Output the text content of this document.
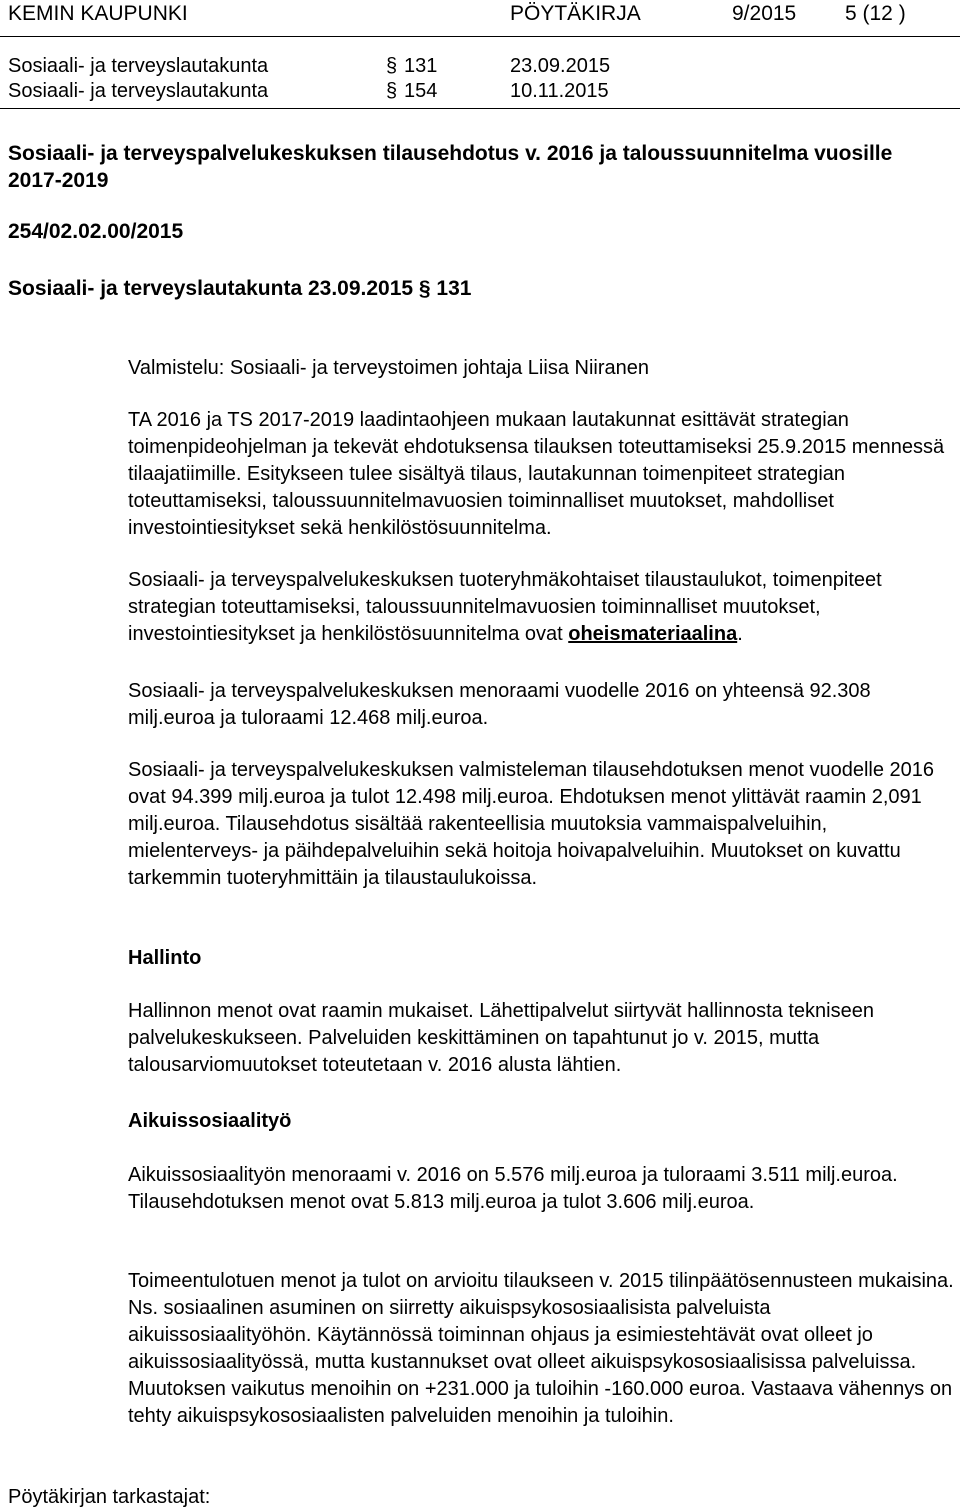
KEMIN KAUPUNKI	PÖYTÄKIRJA	9/2015 5 (12 )
Sosiaali- ja terveyslautakunta	§ 131	23.09.2015
Sosiaali- ja terveyslautakunta	§ 154	10.11.2015
Sosiaali- ja terveyspalvelukeskuksen tilausehdotus v. 2016 ja taloussuunnitelma vuosille 2017-2019
254/02.02.00/2015
Sosiaali- ja terveyslautakunta 23.09.2015 § 131

Valmistelu: Sosiaali- ja terveystoimen johtaja Liisa Niiranen

TA 2016 ja TS 2017-2019 laadintaohjeen mukaan lautakunnat esittävät strategian toimenpideohjelman ja tekevät ehdotuksensa tilauksen toteuttamiseksi 25.9.2015 mennessä tilaajatiimille. Esitykseen tulee sisältyä tilaus, lautakunnan toimenpiteet strategian toteuttamiseksi, taloussuunnitelmavuosien toiminnalliset muutokset, mahdolliset investointiesitykset sekä henkilöstösuunnitelma.

Sosiaali- ja terveyspalvelukeskuksen tuoteryhmäkohtaiset tilaustaulukot, toimenpiteet strategian toteuttamiseksi, taloussuunnitelmavuosien toiminnalliset muutokset, investointiesitykset ja henkilöstösuunnitelma ovat oheismateriaalina.

Sosiaali- ja terveyspalvelukeskuksen menoraami vuodelle 2016 on yhteensä 92.308 milj.euroa ja tuloraami 12.468 milj.euroa.

Sosiaali- ja terveyspalvelukeskuksen valmisteleman tilausehdotuksen menot vuodelle 2016 ovat 94.399 milj.euroa ja tulot 12.498 milj.euroa. Ehdotuksen menot ylittävät raamin 2,091 milj.euroa. Tilausehdotus sisältää rakenteellisia muutoksia vammaispalveluihin, mielenterveys- ja päihdepalveluihin sekä hoitoja hoivapalveluihin. Muutokset on kuvattu tarkemmin tuoteryhmittäin ja tilaustaulukoissa.

Hallinto

Hallinnon menot ovat raamin mukaiset. Lähettipalvelut siirtyvät hallinnosta tekniseen palvelukeskukseen. Palveluiden keskittäminen on tapahtunut jo v. 2015, mutta talousarviomuutokset toteutetaan v. 2016 alusta lähtien.

Aikuissosiaalityö

Aikuissosiaalityön menoraami v. 2016 on 5.576 milj.euroa ja tuloraami 3.511 milj.euroa. Tilausehdotuksen menot ovat 5.813 milj.euroa ja tulot 3.606 milj.euroa.

Toimeentulotuen menot ja tulot on arvioitu tilaukseen v. 2015 tilinpäätösennusteen mukaisina. Ns. sosiaalinen asuminen on siirretty aikuispsykososiaalisista palveluista aikuissosiaalityöhön. Käytännössä toiminnan ohjaus ja esimiestehtävät ovat olleet jo aikuissosiaalityössä, mutta kustannukset ovat olleet aikuispsykososiaalisissa palveluissa. Muutoksen vaikutus menoihin on +231.000 ja tuloihin -160.000 euroa. Vastaava vähennys on tehty aikuispsykososiaalisten palveluiden menoihin ja tuloihin.

Pöytäkirjan tarkastajat:
